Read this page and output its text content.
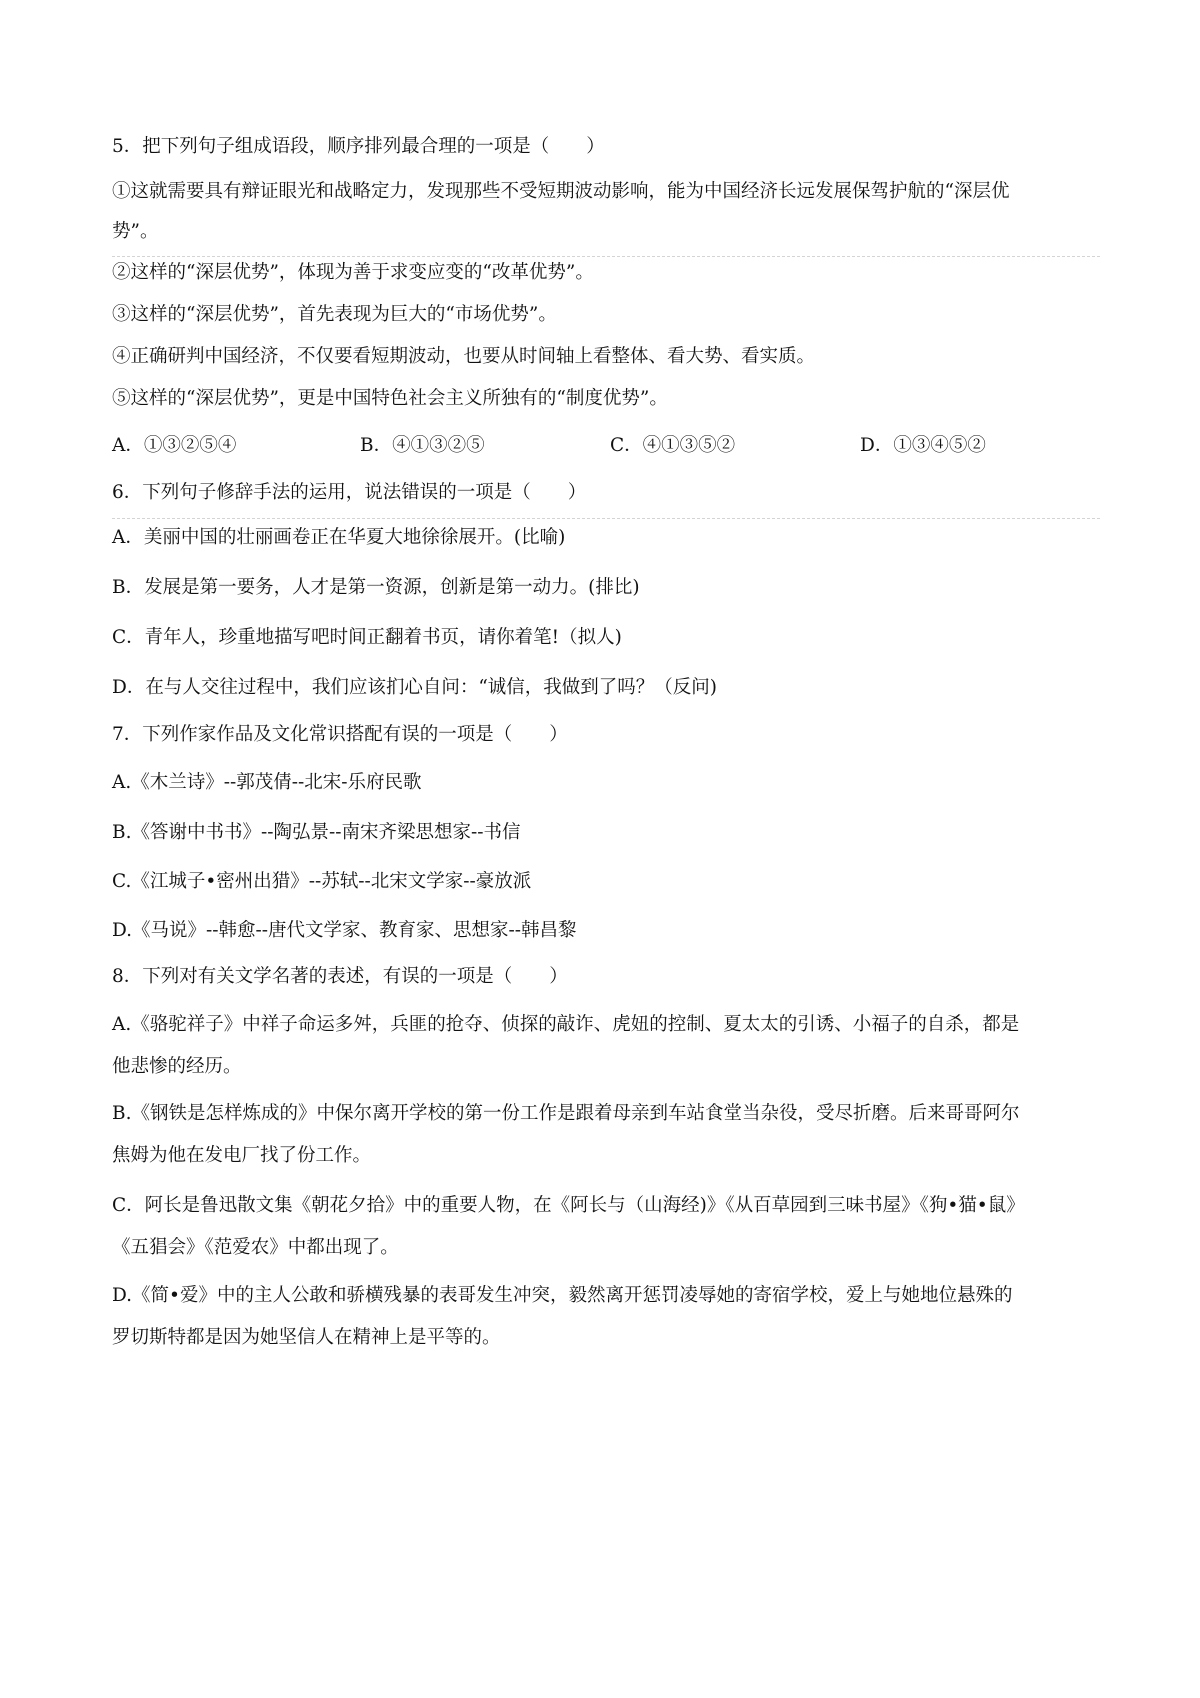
5．把下列句子组成语段，顺序排列最合理的一项是（　　）
①这就需要具有辩证眼光和战略定力，发现那些不受短期波动影响，能为中国经济长远发展保驾护航的“深层优
势”。
②这样的“深层优势”，体现为善于求变应变的“改革优势”。
③这样的“深层优势”，首先表现为巨大的“市场优势”。
④正确研判中国经济，不仅要看短期波动，也要从时间轴上看整体、看大势、看实质。
⑤这样的“深层优势”，更是中国特色社会主义所独有的“制度优势”。
A．①③②⑤④	B．④①③②⑤	C．④①③⑤②	D．①③④⑤②
6．下列句子修辞手法的运用，说法错误的一项是（　　）
A．美丽中国的壮丽画卷正在华夏大地徐徐展开。(比喻)
B．发展是第一要务，人才是第一资源，创新是第一动力。(排比)
C．青年人，珍重地描写吧时间正翻着书页，请你着笔!（拟人)
D．在与人交往过程中，我们应该扪心自问：“诚信，我做到了吗？（反问)
7．下列作家作品及文化常识搭配有误的一项是（　　）
A.《木兰诗》--郭茂倩--北宋-乐府民歌
B.《答谢中书书》--陶弘景--南宋齐梁思想家--书信
C.《江城子•密州出猎》--苏轼--北宋文学家--豪放派
D.《马说》--韩愈--唐代文学家、教育家、思想家--韩昌黎
8．下列对有关文学名著的表述，有误的一项是（　　）
A.《骆驼祥子》中祥子命运多舛，兵匪的抢夺、侦探的敲诈、虎妞的控制、夏太太的引诱、小福子的自杀，都是
他悲惨的经历。
B.《钢铁是怎样炼成的》中保尔离开学校的第一份工作是跟着母亲到车站食堂当杂役，受尽折磨。后来哥哥阿尔
焦姆为他在发电厂找了份工作。
C．阿长是鲁迅散文集《朝花夕拾》中的重要人物，在《阿长与（山海经)》《从百草园到三味书屋》《狗•猫•鼠》
《五猖会》《范爱农》中都出现了。
D.《简•爱》中的主人公敢和骄横残暴的表哥发生冲突，毅然离开惩罚凌辱她的寄宿学校，爱上与她地位悬殊的
罗切斯特都是因为她坚信人在精神上是平等的。
